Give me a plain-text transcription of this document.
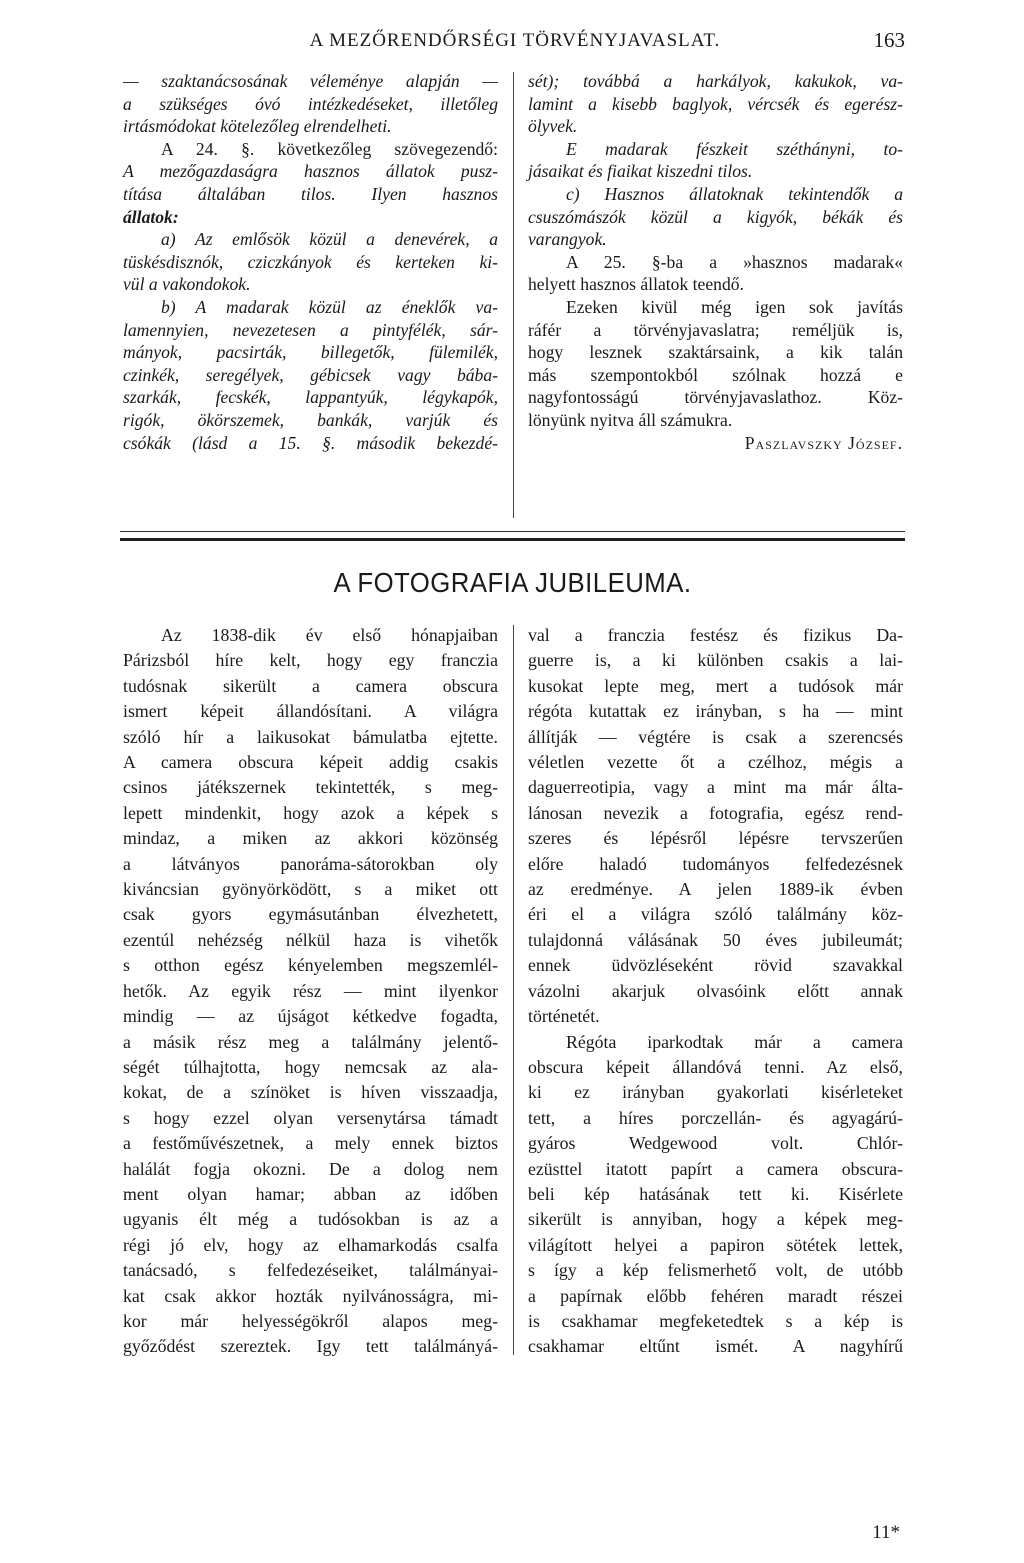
A MEZŐRENDŐRSÉGI TÖRVÉNYJAVASLAT.	163

— szaktanácsosának véleménye alapján —

a szükséges óvó intézkedéseket, illetőleg

irtásmódokat kötelezőleg elrendelheti.

A 24. §. következőleg szövegezendő:

A mezőgazdaságra hasznos állatok pusz-

títása általában tilos. Ilyen hasznos

állatok:

a) Az emlősök közül a denevérek, a

tüskésdisznók, cziczkányok és kerteken ki-

vül a vakondokok.

b) A madarak közül az éneklők va-

lamennyien, nevezetesen a pintyfélék, sár-

mányok, pacsirták, billegetők, fülemilék,

czinkék, seregélyek, gébicsek vagy bába-

szarkák, fecskék, lappantyúk, légykapók,

rigók, ökörszemek, bankák, varjúk és

csókák (lásd a 15. §. második bekezdé-

sét); továbbá a harkályok, kakukok, va-

lamint a kisebb baglyok, vércsék és egerész-

ölyvek.

E madarak fészkeit széthányni, to-

jásaikat és fiaikat kiszedni tilos.

c) Hasznos állatoknak tekintendők a

csuszómászók közül a kigyók, békák és

varangyok.

A 25. §-ba a »hasznos madarak«

helyett hasznos állatok teendő.

Ezeken kivül még igen sok javítás

ráfér a törvényjavaslatra; reméljük is,

hogy lesznek szaktársaink, a kik talán

más szempontokból szólnak hozzá e

nagyfontosságú törvényjavaslathoz. Köz-

lönyünk nyitva áll számukra.

Paszlavszky József.

A FOTOGRAFIA JUBILEUMA.

Az 1838-dik év első hónapjaiban

Párizsból híre kelt, hogy egy franczia

tudósnak sikerült a camera obscura

ismert képeit állandósítani. A világra

szóló hír a laikusokat bámulatba ejtette.

A camera obscura képeit addig csakis

csinos játékszernek tekintették, s meg-

lepett mindenkit, hogy azok a képek s

mindaz, a miken az akkori közönség

a látványos panoráma-sátorokban oly

kiváncsian gyönyörködött, s a miket ott

csak gyors egymásutánban élvezhetett,

ezentúl nehézség nélkül haza is vihetők

s otthon egész kényelemben megszemlél-

hetők. Az egyik rész — mint ilyenkor

mindig — az újságot kétkedve fogadta,

a másik rész meg a találmány jelentő-

ségét túlhajtotta, hogy nemcsak az ala-

kokat, de a színöket is híven visszaadja,

s hogy ezzel olyan versenytársa támadt

a festőművészetnek, a mely ennek biztos

halálát fogja okozni. De a dolog nem

ment olyan hamar; abban az időben

ugyanis élt még a tudósokban is az a

régi jó elv, hogy az elhamarkodás csalfa

tanácsadó, s felfedezéseiket, találmányai-

kat csak akkor hozták nyilvánosságra, mi-

kor már helyességökről alapos meg-

győződést szereztek. Igy tett találmányá-

val a franczia festész és fizikus Da-

guerre is, a ki különben csakis a lai-

kusokat lepte meg, mert a tudósok már

régóta kutattak ez irányban, s ha — mint

állítják — végtére is csak a szerencsés

véletlen vezette őt a czélhoz, mégis a

daguerreotipia, vagy a mint ma már álta-

lánosan nevezik a fotografia, egész rend-

szeres és lépésről lépésre tervszerűen

előre haladó tudományos felfedezésnek

az eredménye. A jelen 1889-ik évben

éri el a világra szóló találmány köz-

tulajdonná válásának 50 éves jubileumát;

ennek üdvözléseként rövid szavakkal

vázolni akarjuk olvasóink előtt annak

történetét.

Régóta iparkodtak már a camera

obscura képeit állandóvá tenni. Az első,

ki ez irányban gyakorlati kisérleteket

tett, a híres porczellán- és agyagárú-

gyáros Wedgewood volt. Chlór-

ezüsttel itatott papírt a camera obscura-

beli kép hatásának tett ki. Kisérlete

sikerült is annyiban, hogy a képek meg-

világított helyei a papiron sötétek lettek,

s így a kép felismerhető volt, de utóbb

a papírnak előbb fehéren maradt részei

is csakhamar megfeketedtek s a kép is

csakhamar eltűnt ismét. A nagyhírű

11*
